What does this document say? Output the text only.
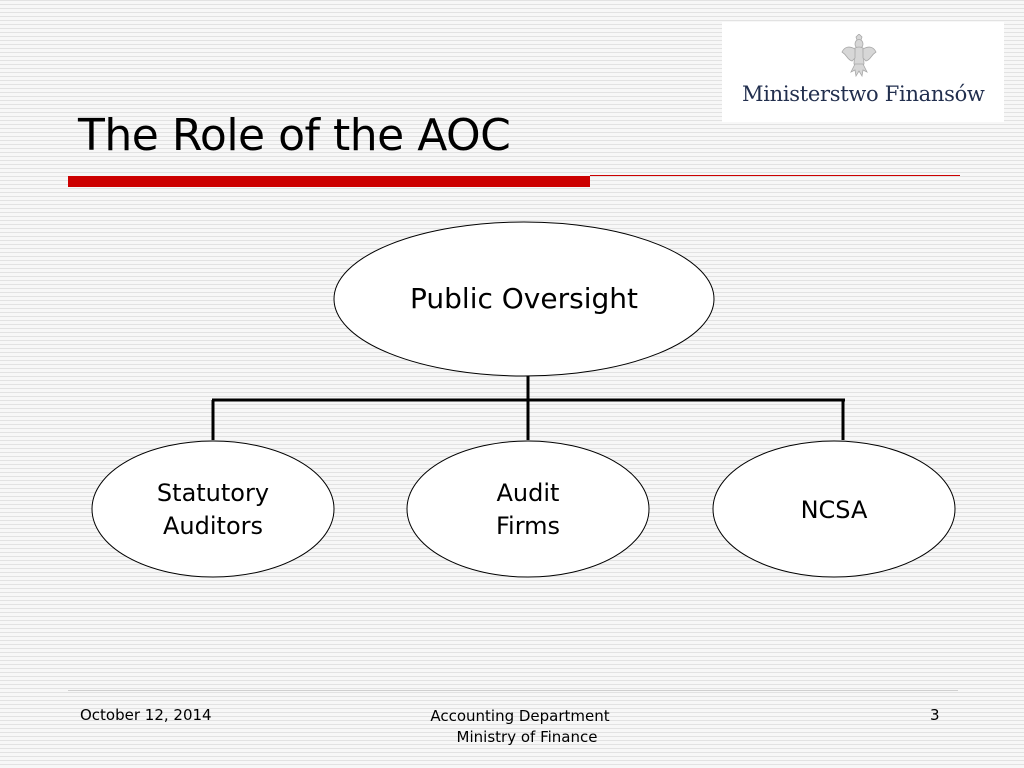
Ministerstwo Finansów
The Role of the AOC
Public Oversight
Statutory
Auditors
Audit
Firms
NCSA
October 12, 2014	Accounting Department
Ministry of Finance
3
